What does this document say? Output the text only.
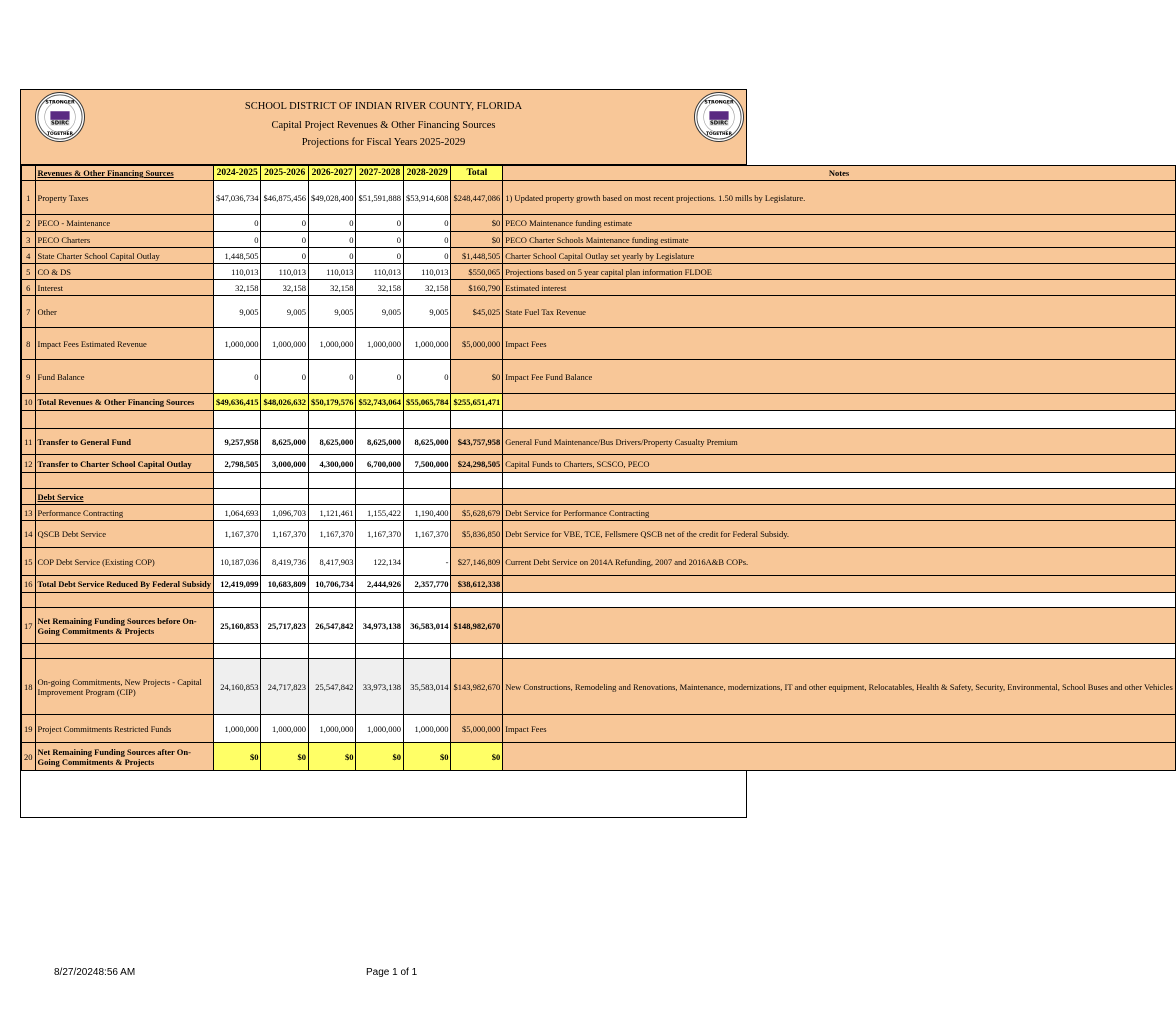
SDIRC
STRONGER
TOGETHER
SCHOOL DISTRICT OF INDIAN RIVER COUNTY, FLORIDA
Capital Project Revenues & Other Financing Sources
Projections for Fiscal Years 2025-2029
SDIRC
STRONGER
TOGETHER
	Revenues & Other Financing Sources	2024-2025	2025-2026	2026-2027	2027-2028	2028-2029	Total	Notes
1	Property Taxes	$47,036,734	$46,875,456	$49,028,400	$51,591,888	$53,914,608	$248,447,086	1) Updated property growth based on most recent projections. 1.50 mills by Legislature.
2	PECO - Maintenance	0	0	0	0	0	$0	PECO Maintenance funding estimate
3	PECO Charters	0	0	0	0	0	$0	PECO Charter Schools Maintenance funding estimate
4	State Charter School Capital Outlay	1,448,505	0	0	0	0	$1,448,505	Charter School Capital Outlay set yearly by Legislature
5	CO & DS	110,013	110,013	110,013	110,013	110,013	$550,065	Projections based on 5 year capital plan information FLDOE
6	Interest	32,158	32,158	32,158	32,158	32,158	$160,790	Estimated interest
7	Other	9,005	9,005	9,005	9,005	9,005	$45,025	State Fuel Tax Revenue
8	Impact Fees Estimated Revenue	1,000,000	1,000,000	1,000,000	1,000,000	1,000,000	$5,000,000	Impact Fees
9	Fund Balance	0	0	0	0	0	$0	Impact Fee Fund Balance
10	Total Revenues & Other Financing Sources	$49,636,415	$48,026,632	$50,179,576	$52,743,064	$55,065,784	$255,651,471	

11	Transfer to General Fund	9,257,958	8,625,000	8,625,000	8,625,000	8,625,000	$43,757,958	General Fund Maintenance/Bus Drivers/Property Casualty Premium
12	Transfer to Charter School Capital Outlay	2,798,505	3,000,000	4,300,000	6,700,000	7,500,000	$24,298,505	Capital Funds to Charters, SCSCO, PECO

	Debt Service							
13	Performance Contracting	1,064,693	1,096,703	1,121,461	1,155,422	1,190,400	$5,628,679	Debt Service for Performance Contracting
14	QSCB Debt Service	1,167,370	1,167,370	1,167,370	1,167,370	1,167,370	$5,836,850	Debt Service for VBE, TCE, Fellsmere QSCB net of the credit for Federal Subsidy.
15	COP Debt Service (Existing COP)	10,187,036	8,419,736	8,417,903	122,134	-	$27,146,809	Current Debt Service on 2014A Refunding, 2007 and 2016A&B COPs.
16	Total Debt Service Reduced By Federal Subsidy	12,419,099	10,683,809	10,706,734	2,444,926	2,357,770	$38,612,338	

17	Net Remaining Funding Sources before On-Going Commitments & Projects	25,160,853	25,717,823	26,547,842	34,973,138	36,583,014	$148,982,670	

18	On-going Commitments, New Projects - Capital Improvement Program (CIP)	24,160,853	24,717,823	25,547,842	33,973,138	35,583,014	$143,982,670	New Constructions, Remodeling and Renovations, Maintenance, modernizations, IT and other equipment, Relocatables, Health & Safety, Security, Environmental, School Buses and other Vehicles
19	Project Commitments Restricted Funds	1,000,000	1,000,000	1,000,000	1,000,000	1,000,000	$5,000,000	Impact Fees
20	Net Remaining Funding Sources after On-Going Commitments & Projects	$0	$0	$0	$0	$0	$0	
8/27/20248:56 AM	Page 1 of 1
